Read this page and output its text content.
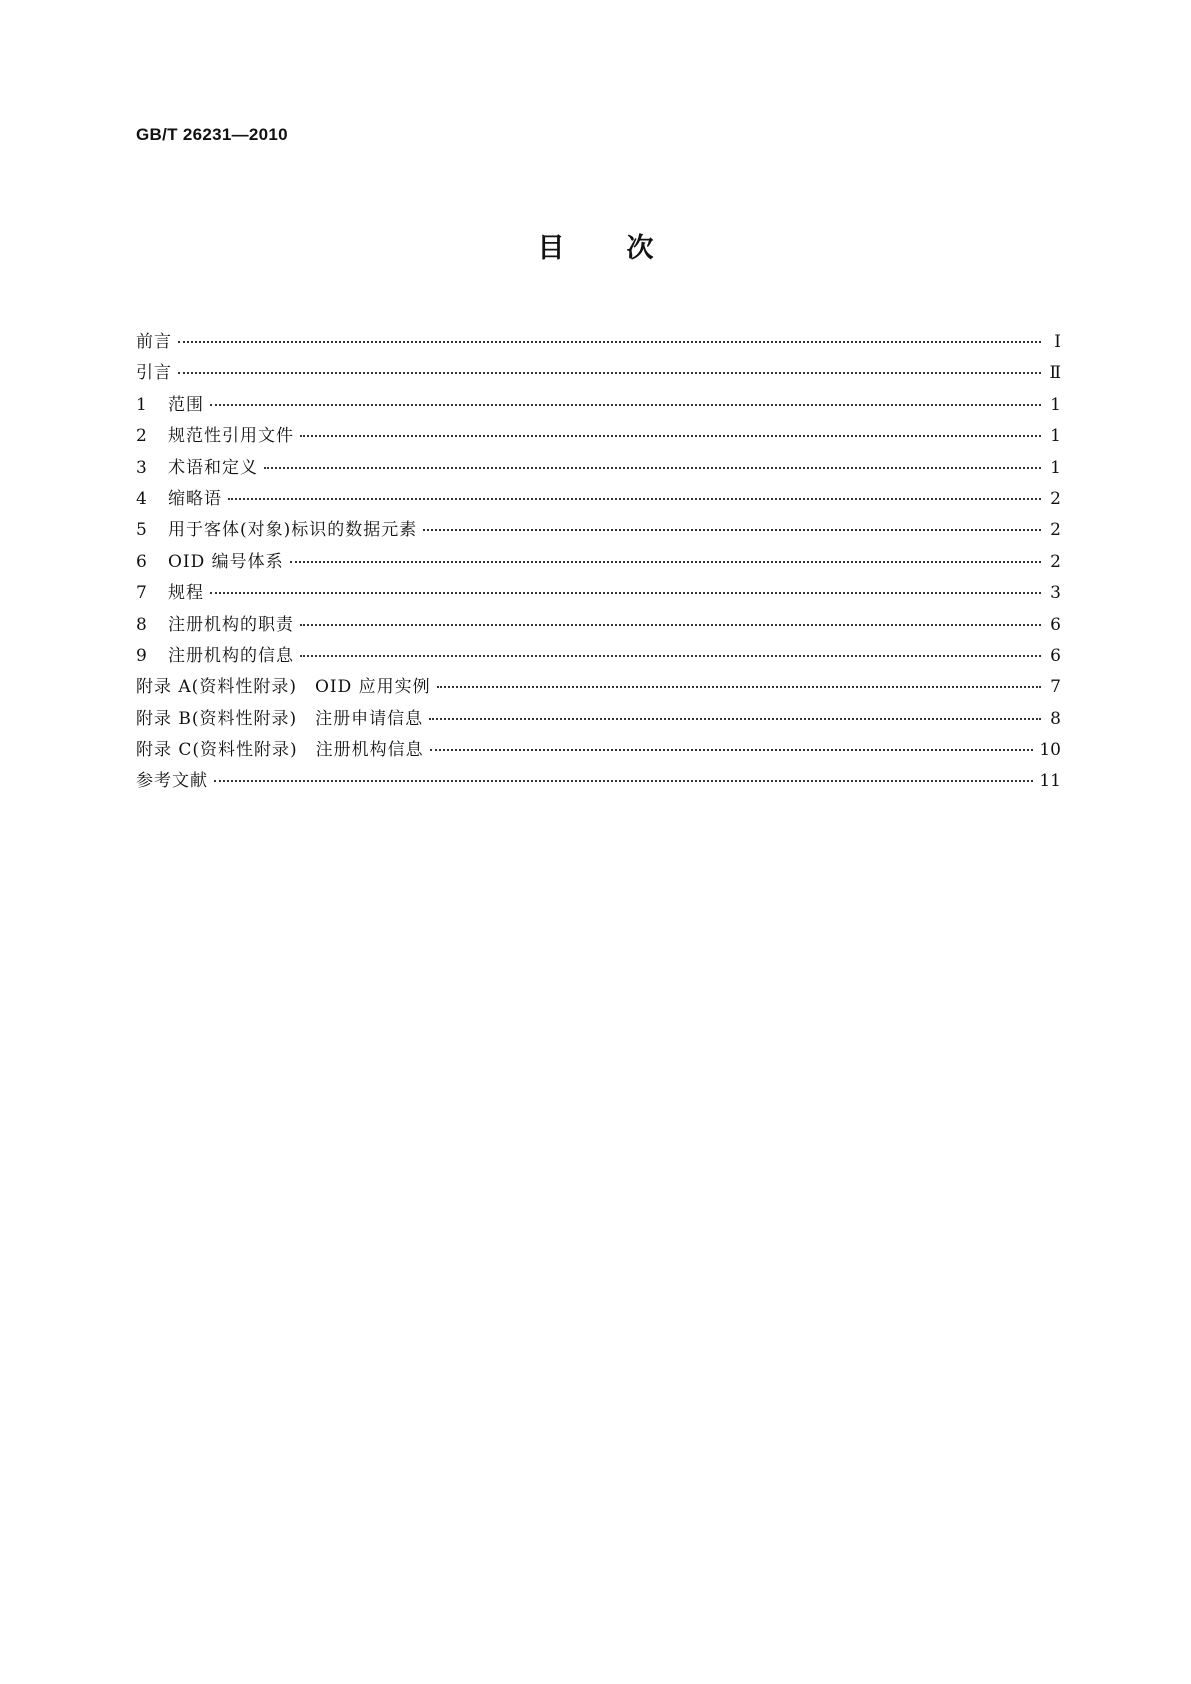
GB/T 26231—2010
目次
前言	Ⅰ
引言	Ⅱ
1	范围	1
2	规范性引用文件	1
3	术语和定义	1
4	缩略语	2
5	用于客体(对象)标识的数据元素	2
6	OID 编号体系	2
7	规程	3
8	注册机构的职责	6
9	注册机构的信息	6
附录 A(资料性附录)　OID 应用实例	7
附录 B(资料性附录)　注册申请信息	8
附录 C(资料性附录)　注册机构信息	10
参考文献	11
